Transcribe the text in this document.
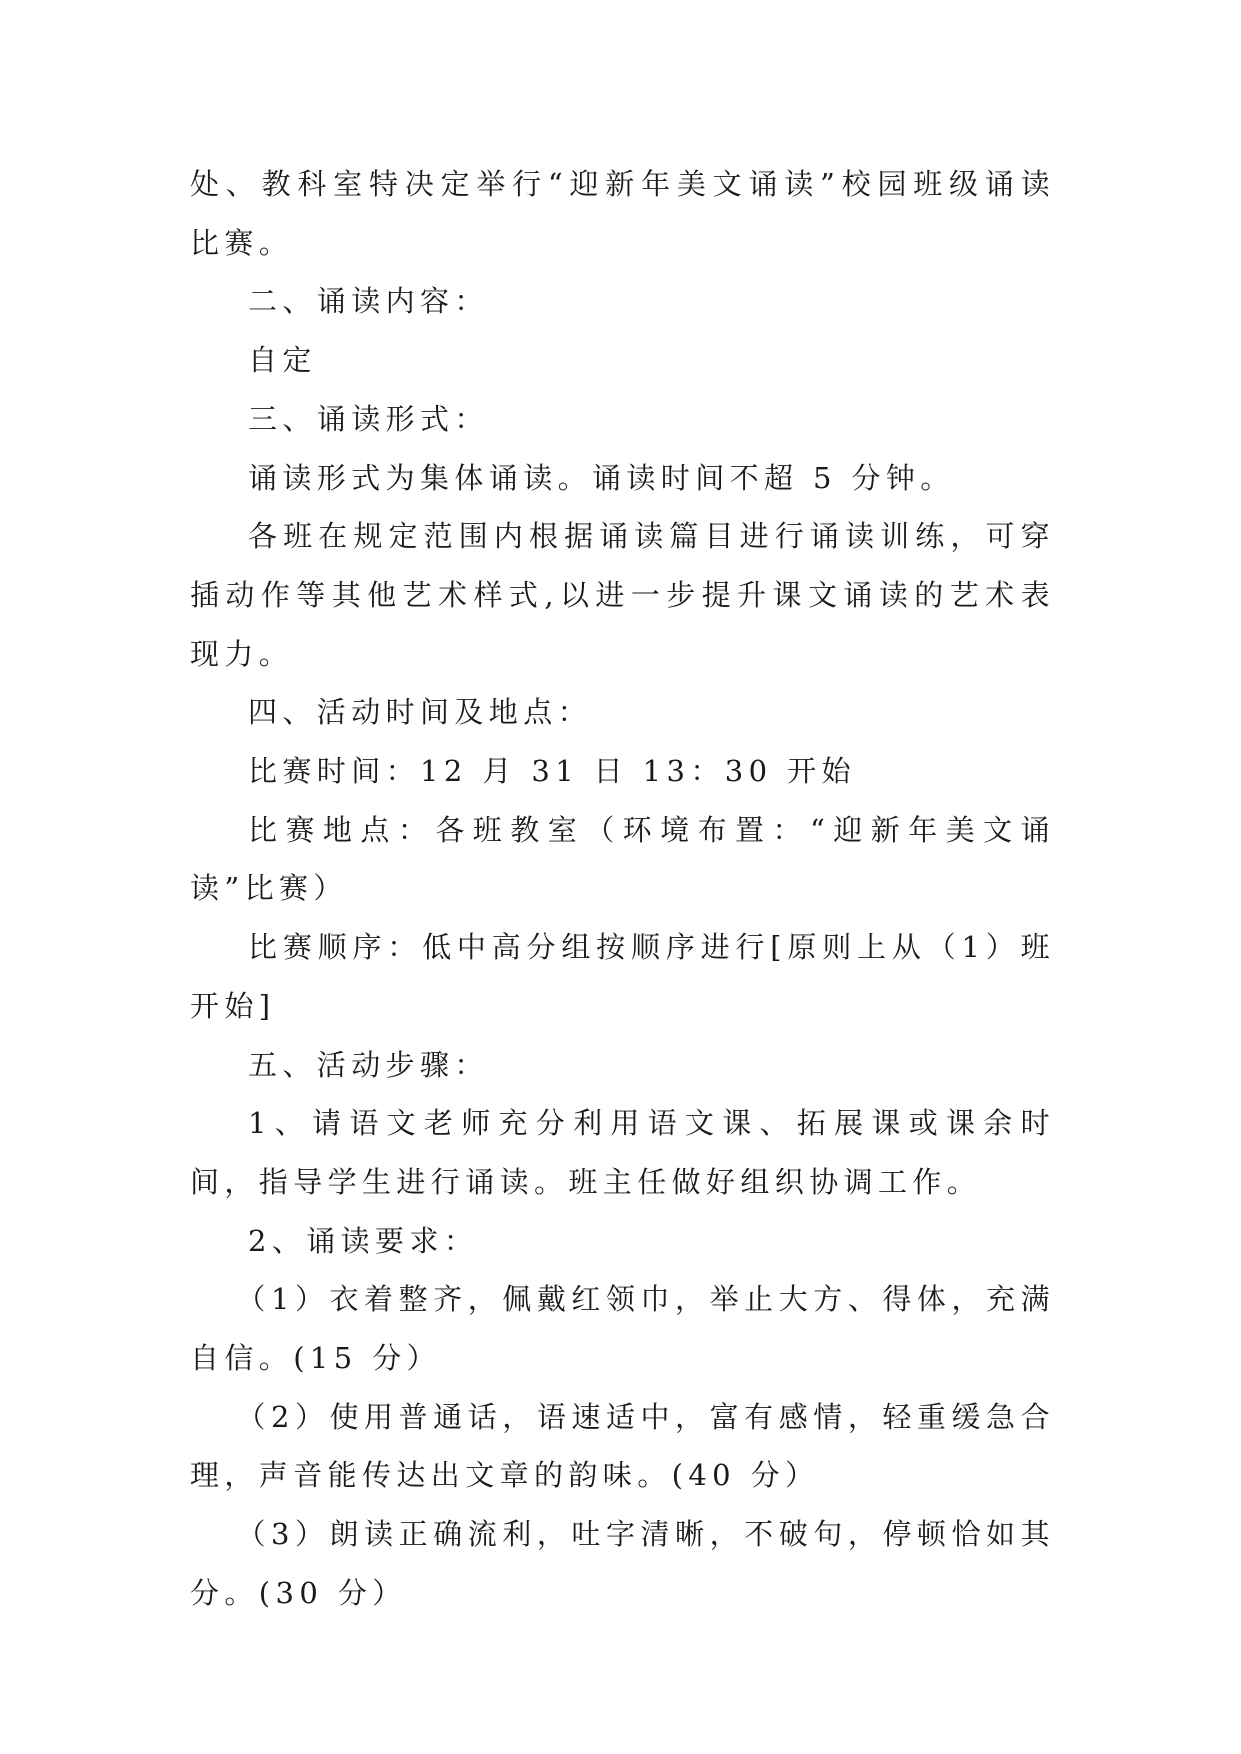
处、教科室特决定举行“迎新年美文诵读”校园班级诵读比赛。

二、诵读内容：

自定

三、诵读形式：

诵读形式为集体诵读。诵读时间不超 5 分钟。

各班在规定范围内根据诵读篇目进行诵读训练，可穿插动作等其他艺术样式,以进一步提升课文诵读的艺术表现力。

四、活动时间及地点：

比赛时间：12 月 31 日 13：30 开始

比赛地点：各班教室（环境布置：“迎新年美文诵读”比赛）

比赛顺序：低中高分组按顺序进行[原则上从（1）班开始]

五、活动步骤：

1、请语文老师充分利用语文课、拓展课或课余时间，指导学生进行诵读。班主任做好组织协调工作。

2、诵读要求：

（1）衣着整齐，佩戴红领巾，举止大方、得体，充满自信。(15 分）

（2）使用普通话，语速适中，富有感情，轻重缓急合理，声音能传达出文章的韵味。(40 分）

（3）朗读正确流利，吐字清晰，不破句，停顿恰如其分。(30 分）
